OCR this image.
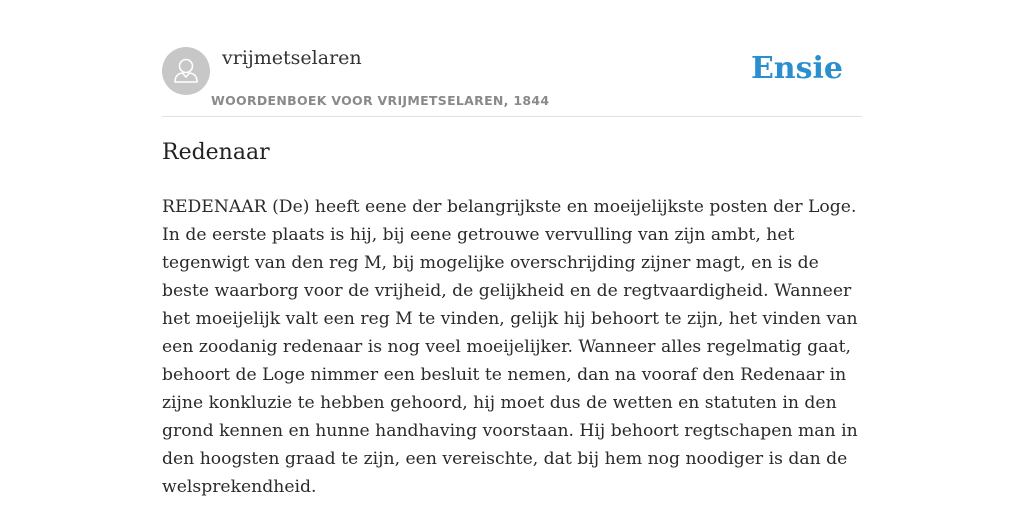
vrijmetselaren
WOORDENBOEK VOOR VRIJMETSELAREN, 1844
Ensie
Redenaar

REDENAAR (De) heeft eene der belangrijkste en moeijelijkste posten der Loge. In de eerste plaats is hij, bij eene getrouwe vervulling van zijn ambt, het tegenwigt van den reg M, bij mogelijke overschrijding zijner magt, en is de beste waarborg voor de vrijheid, de gelijkheid en de regtvaardigheid. Wanneer het moeijelijk valt een reg M te vinden, gelijk hij behoort te zijn, het vinden van een zoodanig redenaar is nog veel moeijelijker. Wanneer alles regelmatig gaat, behoort de Loge nimmer een besluit te nemen, dan na vooraf den Redenaar in zijne konkluzie te hebben gehoord, hij moet dus de wetten en statuten in den grond kennen en hunne handhaving voorstaan. Hij behoort regtschapen man in den hoogsten graad te zijn, een vereischte, dat bij hem nog noodiger is dan de welsprekendheid.
